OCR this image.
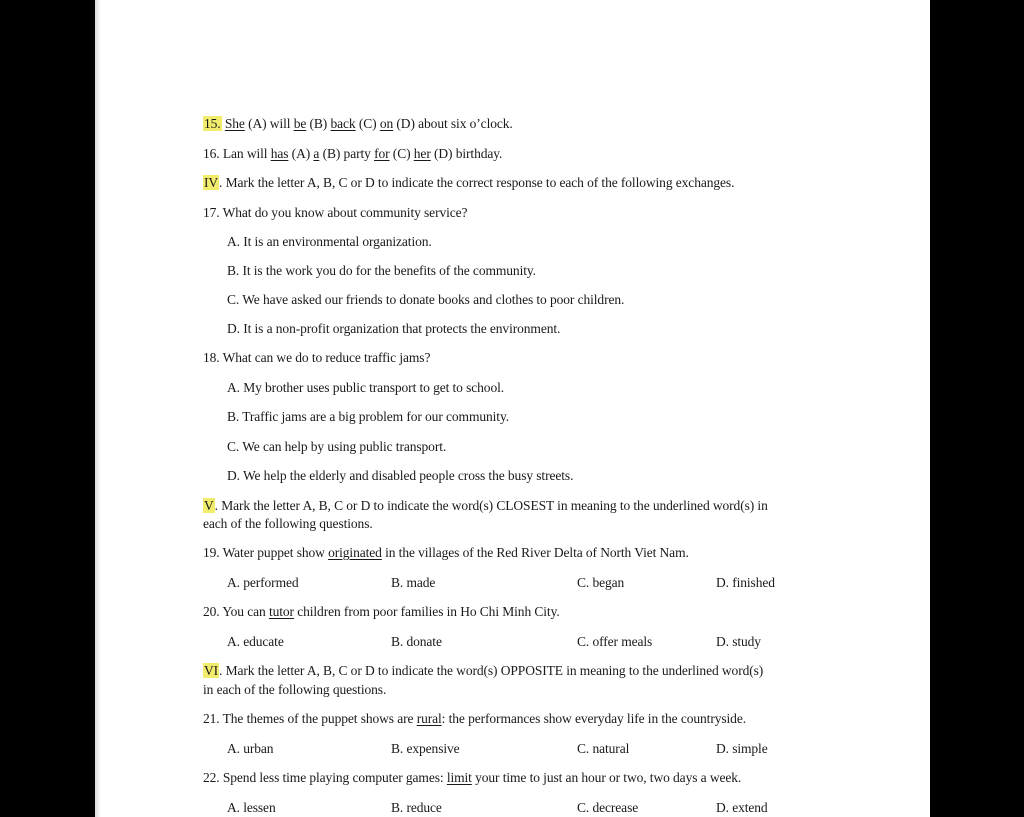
15. She (A) will be (B) back (C) on (D) about six o’clock.
16. Lan will has (A) a (B) party for (C) her (D) birthday.
IV. Mark the letter A, B, C or D to indicate the correct response to each of the following exchanges.
17. What do you know about community service?
A. It is an environmental organization.
B. It is the work you do for the benefits of the community.
C. We have asked our friends to donate books and clothes to poor children.
D. It is a non-profit organization that protects the environment.
18. What can we do to reduce traffic jams?
A. My brother uses public transport to get to school.
B. Traffic jams are a big problem for our community.
C. We can help by using public transport.
D. We help the elderly and disabled people cross the busy streets.
V. Mark the letter A, B, C or D to indicate the word(s) CLOSEST in meaning to the underlined word(s) in
each of the following questions.
19. Water puppet show originated in the villages of the Red River Delta of North Viet Nam.
A. performed	B. made	C. began	D. finished
20. You can tutor children from poor families in Ho Chi Minh City.
A. educate	B. donate	C. offer meals	D. study
VI. Mark the letter A, B, C or D to indicate the word(s) OPPOSITE in meaning to the underlined word(s)
in each of the following questions.
21. The themes of the puppet shows are rural: the performances show everyday life in the countryside.
A. urban	B. expensive	C. natural	D. simple
22. Spend less time playing computer games: limit your time to just an hour or two, two days a week.
A. lessen	B. reduce	C. decrease	D. extend
